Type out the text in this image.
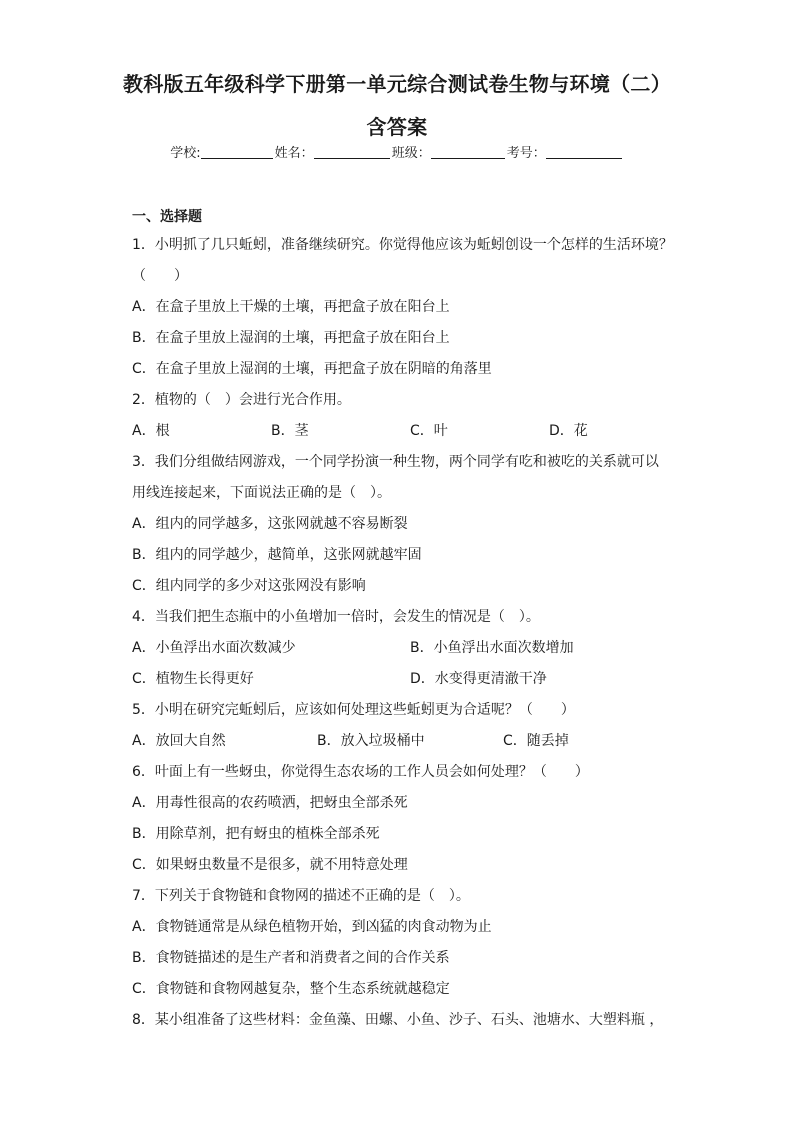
教科版五年级科学下册第一单元综合测试卷生物与环境（二）
含答案
学校:	姓名：	班级：	考号：
一、选择题
1．小明抓了几只蚯蚓，准备继续研究。你觉得他应该为蚯蚓创设一个怎样的生活环境？
（　　）
A．在盒子里放上干燥的土壤，再把盒子放在阳台上
B．在盒子里放上湿润的土壤，再把盒子放在阳台上
C．在盒子里放上湿润的土壤，再把盒子放在阴暗的角落里
2．植物的（　）会进行光合作用。
A．根	B．茎	C．叶	D．花
3．我们分组做结网游戏，一个同学扮演一种生物，两个同学有吃和被吃的关系就可以
用线连接起来，下面说法正确的是（　）。
A．组内的同学越多，这张网就越不容易断裂
B．组内的同学越少，越简单，这张网就越牢固
C．组内同学的多少对这张网没有影响
4．当我们把生态瓶中的小鱼增加一倍时，会发生的情况是（　）。
A．小鱼浮出水面次数减少	B．小鱼浮出水面次数增加
C．植物生长得更好	D．水变得更清澈干净
5．小明在研究完蚯蚓后，应该如何处理这些蚯蚓更为合适呢？（　　）
A．放回大自然	B．放入垃圾桶中	C．随丢掉
6．叶面上有一些蚜虫，你觉得生态农场的工作人员会如何处理？（　　）
A．用毒性很高的农药喷洒，把蚜虫全部杀死
B．用除草剂，把有蚜虫的植株全部杀死
C．如果蚜虫数量不是很多，就不用特意处理
7．下列关于食物链和食物网的描述不正确的是（　）。
A．食物链通常是从绿色植物开始，到凶猛的肉食动物为止
B．食物链描述的是生产者和消费者之间的合作关系
C．食物链和食物网越复杂，整个生态系统就越稳定
8．某小组准备了这些材料：金鱼藻、田螺、小鱼、沙子、石头、池塘水、大塑料瓶 ，
